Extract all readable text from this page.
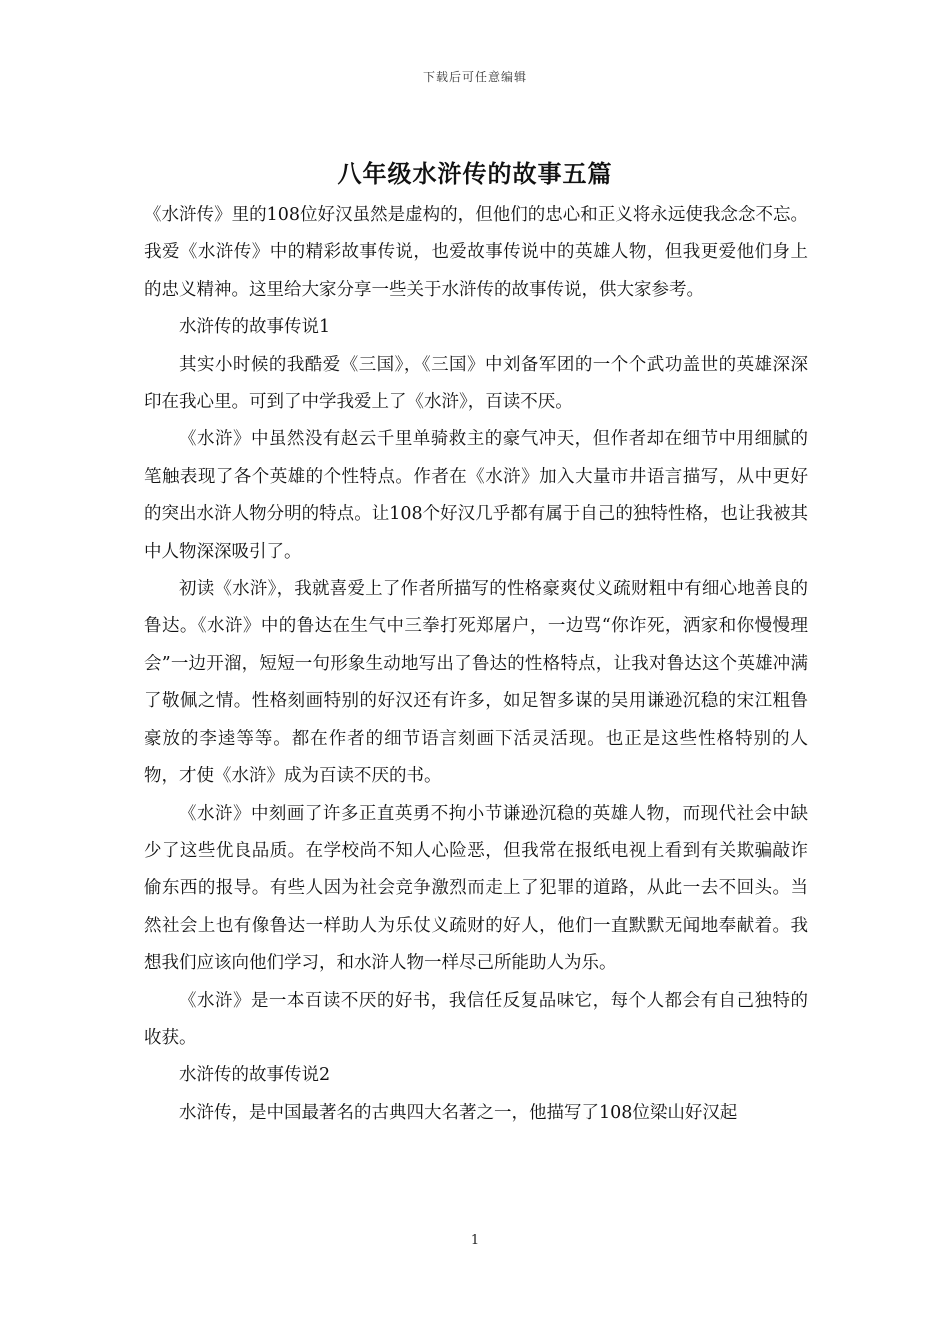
下载后可任意编辑
八年级水浒传的故事五篇

《水浒传》里的108位好汉虽然是虚构的，但他们的忠心和正义将永远使我念念不忘。我爱《水浒传》中的精彩故事传说，也爱故事传说中的英雄人物，但我更爱他们身上的忠义精神。这里给大家分享一些关于水浒传的故事传说，供大家参考。

水浒传的故事传说1

其实小时候的我酷爱《三国》，《三国》中刘备军团的一个个武功盖世的英雄深深印在我心里。可到了中学我爱上了《水浒》，百读不厌。

《水浒》中虽然没有赵云千里单骑救主的豪气冲天，但作者却在细节中用细腻的笔触表现了各个英雄的个性特点。作者在《水浒》加入大量市井语言描写，从中更好的突出水浒人物分明的特点。让108个好汉几乎都有属于自己的独特性格，也让我被其中人物深深吸引了。

初读《水浒》，我就喜爱上了作者所描写的性格豪爽仗义疏财粗中有细心地善良的鲁达。《水浒》中的鲁达在生气中三拳打死郑屠户，一边骂“你诈死，洒家和你慢慢理会”一边开溜，短短一句形象生动地写出了鲁达的性格特点，让我对鲁达这个英雄冲满了敬佩之情。性格刻画特别的好汉还有许多，如足智多谋的吴用谦逊沉稳的宋江粗鲁豪放的李逵等等。都在作者的细节语言刻画下活灵活现。也正是这些性格特别的人物，才使《水浒》成为百读不厌的书。

《水浒》中刻画了许多正直英勇不拘小节谦逊沉稳的英雄人物，而现代社会中缺少了这些优良品质。在学校尚不知人心险恶，但我常在报纸电视上看到有关欺骗敲诈偷东西的报导。有些人因为社会竞争激烈而走上了犯罪的道路，从此一去不回头。当然社会上也有像鲁达一样助人为乐仗义疏财的好人，他们一直默默无闻地奉献着。我想我们应该向他们学习，和水浒人物一样尽己所能助人为乐。

《水浒》是一本百读不厌的好书，我信任反复品味它，每个人都会有自己独特的收获。

水浒传的故事传说2

水浒传，是中国最著名的古典四大名著之一，他描写了108位梁山好汉起

1
